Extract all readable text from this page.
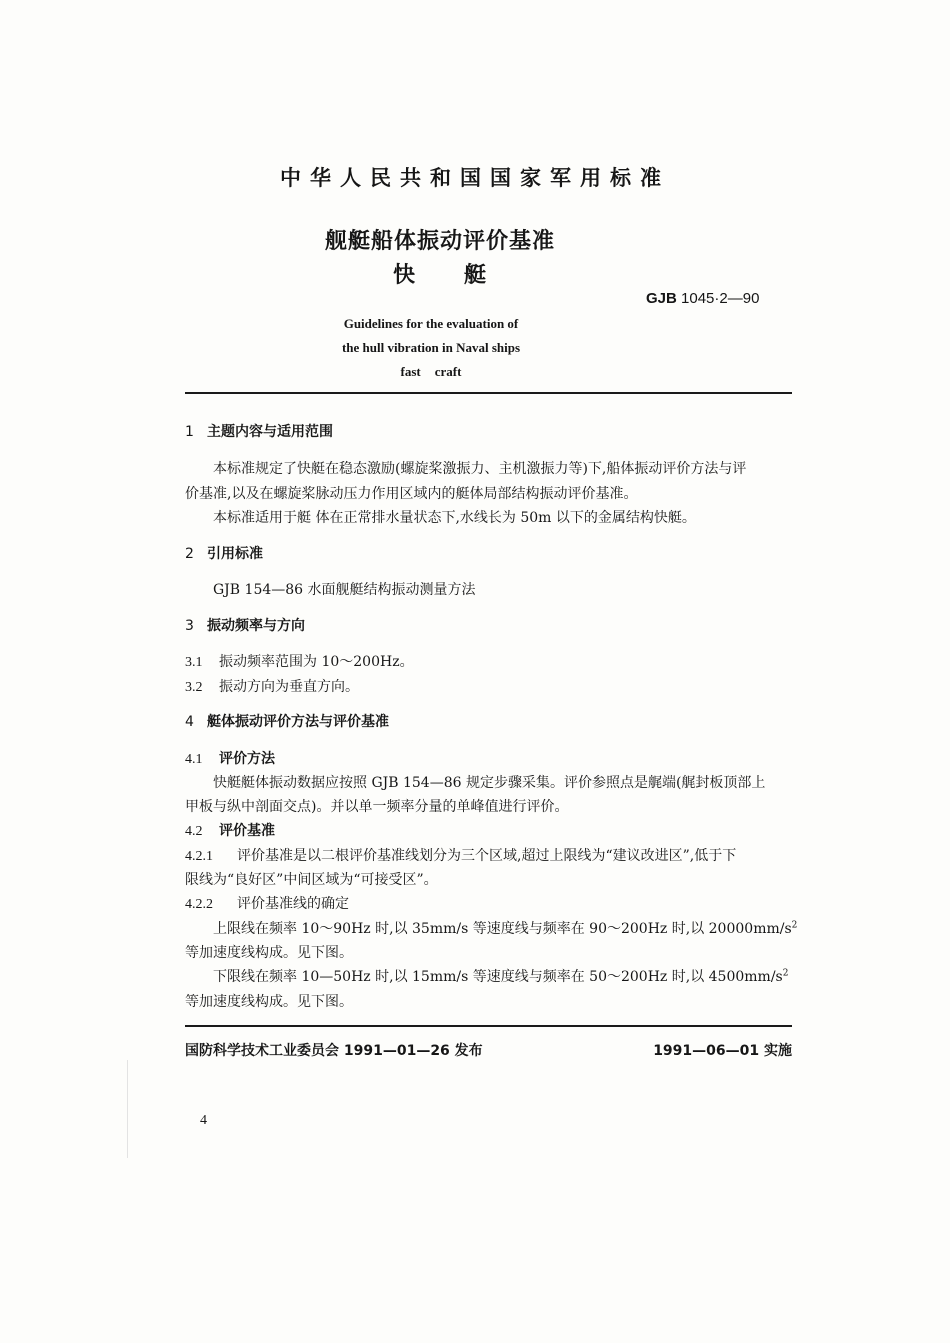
中华人民共和国国家军用标准
舰艇船体振动评价基准
快 艇
GJB 1045·2—90
Guidelines for the evaluation of
the hull vibration in Naval ships
fast craft
1 主题内容与适用范围
本标准规定了快艇在稳态激励(螺旋桨激振力、主机激振力等)下,船体振动评价方法与评
价基准,以及在螺旋桨脉动压力作用区域内的艇体局部结构振动评价基准。
本标准适用于艇 体在正常排水量状态下,水线长为 50m 以下的金属结构快艇。
2 引用标准
GJB 154—86 水面舰艇结构振动测量方法
3 振动频率与方向
3.1 振动频率范围为 10～200Hz。
3.2 振动方向为垂直方向。
4 艇体振动评价方法与评价基准
4.1 评价方法
快艇艇体振动数据应按照 GJB 154—86 规定步骤采集。评价参照点是艉端(艉封板顶部上
甲板与纵中剖面交点)。并以单一频率分量的单峰值进行评价。
4.2 评价基准
4.2.1 评价基准是以二根评价基准线划分为三个区域,超过上限线为“建议改进区”,低于下
限线为“良好区”中间区域为“可接受区”。
4.2.2 评价基准线的确定
上限线在频率 10～90Hz 时,以 35mm/s 等速度线与频率在 90～200Hz 时,以 $20000mm/s^2$
等加速度线构成。见下图。
下限线在频率 10—50Hz 时,以 15mm/s 等速度线与频率在 50～200Hz 时,以 $4500mm/s^2$
等加速度线构成。见下图。
国防科学技术工业委员会 1991—01—26 发布	1991—06—01 实施
4
